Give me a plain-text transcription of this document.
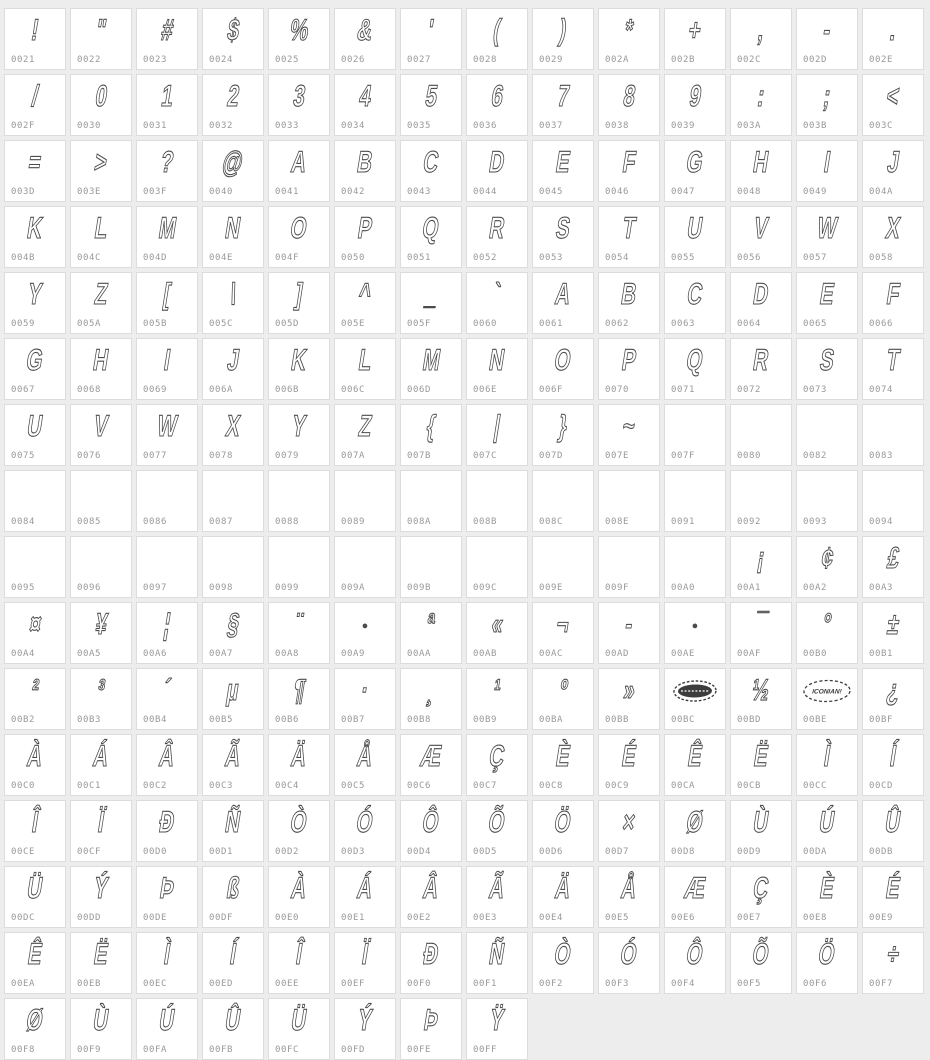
!
0021
"
0022
#
0023
$
0024
%
0025
&
0026
'
0027
(
0028
)
0029
*
002A
+
002B
,
002C
-
002D
.
002E
/
002F
0
0030
1
0031
2
0032
3
0033
4
0034
5
0035
6
0036
7
0037
8
0038
9
0039
:
003A
;
003B
<
003C
=
003D
>
003E
?
003F
@
0040
A
0041
B
0042
C
0043
D
0044
E
0045
F
0046
G
0047
H
0048
I
0049
J
004A
K
004B
L
004C
M
004D
N
004E
O
004F
P
0050
Q
0051
R
0052
S
0053
T
0054
U
0055
V
0056
W
0057
X
0058
Y
0059
Z
005A
[
005B
\
005C
]
005D
^
005E
_
005F
`
0060
A
0061
B
0062
C
0063
D
0064
E
0065
F
0066
G
0067
H
0068
I
0069
J
006A
K
006B
L
006C
M
006D
N
006E
O
006F
P
0070
Q
0071
R
0072
S
0073
T
0074
U
0075
V
0076
W
0077
X
0078
Y
0079
Z
007A
{
007B
|
007C
}
007D
~
007E	007F	0080	0082	0083
0084	0085	0086	0087	0088	0089	008A	008B	008C	008E	0091	0092	0093	0094
0095	0096	0097	0098	0099	009A	009B	009C	009E	009F	00A0
¡
00A1
¢
00A2
£
00A3
¤
00A4
¥
00A5
¦
00A6
§
00A7
¨
00A8
●
00A9
ª
00AA
«
00AB
¬
00AC
-
00AD
●
00AE
¯
00AF
°
00B0
±
00B1
²
00B2
³
00B3
´
00B4
µ
00B5
¶
00B6
·
00B7
¸
00B8
¹
00B9
º
00BA
»
00BB	00BC
½
00BD
ICONIAN!
00BE
¿
00BF
À
00C0
Á
00C1
Â
00C2
Ã
00C3
Ä
00C4
Å
00C5
Æ
00C6
Ç
00C7
È
00C8
É
00C9
Ê
00CA
Ë
00CB
Ì
00CC
Í
00CD
Î
00CE
Ï
00CF
Ð
00D0
Ñ
00D1
Ò
00D2
Ó
00D3
Ô
00D4
Õ
00D5
Ö
00D6
×
00D7
Ø
00D8
Ù
00D9
Ú
00DA
Û
00DB
Ü
00DC
Ý
00DD
Þ
00DE
ß
00DF
À
00E0
Á
00E1
Â
00E2
Ã
00E3
Ä
00E4
Å
00E5
Æ
00E6
Ç
00E7
È
00E8
É
00E9
Ê
00EA
Ë
00EB
Ì
00EC
Í
00ED
Î
00EE
Ï
00EF
Ð
00F0
Ñ
00F1
Ò
00F2
Ó
00F3
Ô
00F4
Õ
00F5
Ö
00F6
÷
00F7
Ø
00F8
Ù
00F9
Ú
00FA
Û
00FB
Ü
00FC
Ý
00FD
Þ
00FE
Ÿ
00FF
